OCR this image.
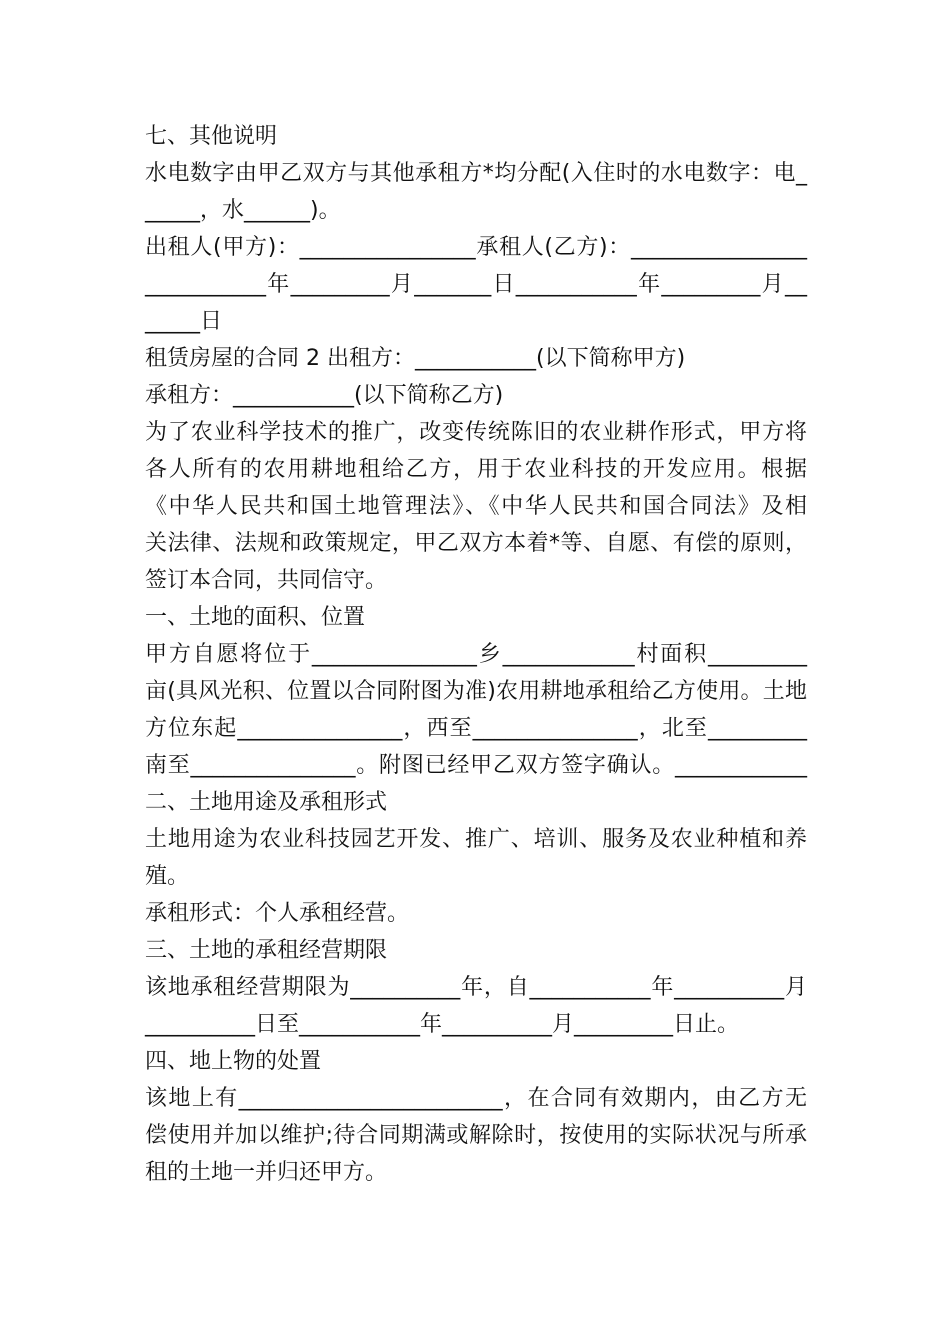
七、其他说明
水电数字由甲乙双方与其他承租方*均分配(入住时的水电数字：电_
_____，水______)。
出租人(甲方)：________________承租人(乙方)：________________
___________年_________月_______日___________年_________月__
_____日
租赁房屋的合同 2 出租方：___________(以下简称甲方)
承租方：___________(以下简称乙方)
为了农业科学技术的推广，改变传统陈旧的农业耕作形式，甲方将
各人所有的农用耕地租给乙方，用于农业科技的开发应用。根据
《中华人民共和国土地管理法》、《中华人民共和国合同法》及相
关法律、法规和政策规定，甲乙双方本着*等、自愿、有偿的原则，
签订本合同，共同信守。
一、土地的面积、位置
甲方自愿将位于_______________乡____________村面积_________
亩(具风光积、位置以合同附图为准)农用耕地承租给乙方使用。土地
方位东起_______________，西至_______________，北至_________
南至_______________。附图已经甲乙双方签字确认。____________
二、土地用途及承租形式
土地用途为农业科技园艺开发、推广、培训、服务及农业种植和养
殖。
承租形式：个人承租经营。
三、土地的承租经营期限
该地承租经营期限为__________年，自___________年__________月
__________日至___________年__________月_________日止。
四、地上物的处置
该地上有________________________，在合同有效期内，由乙方无
偿使用并加以维护;待合同期满或解除时，按使用的实际状况与所承
租的土地一并归还甲方。
